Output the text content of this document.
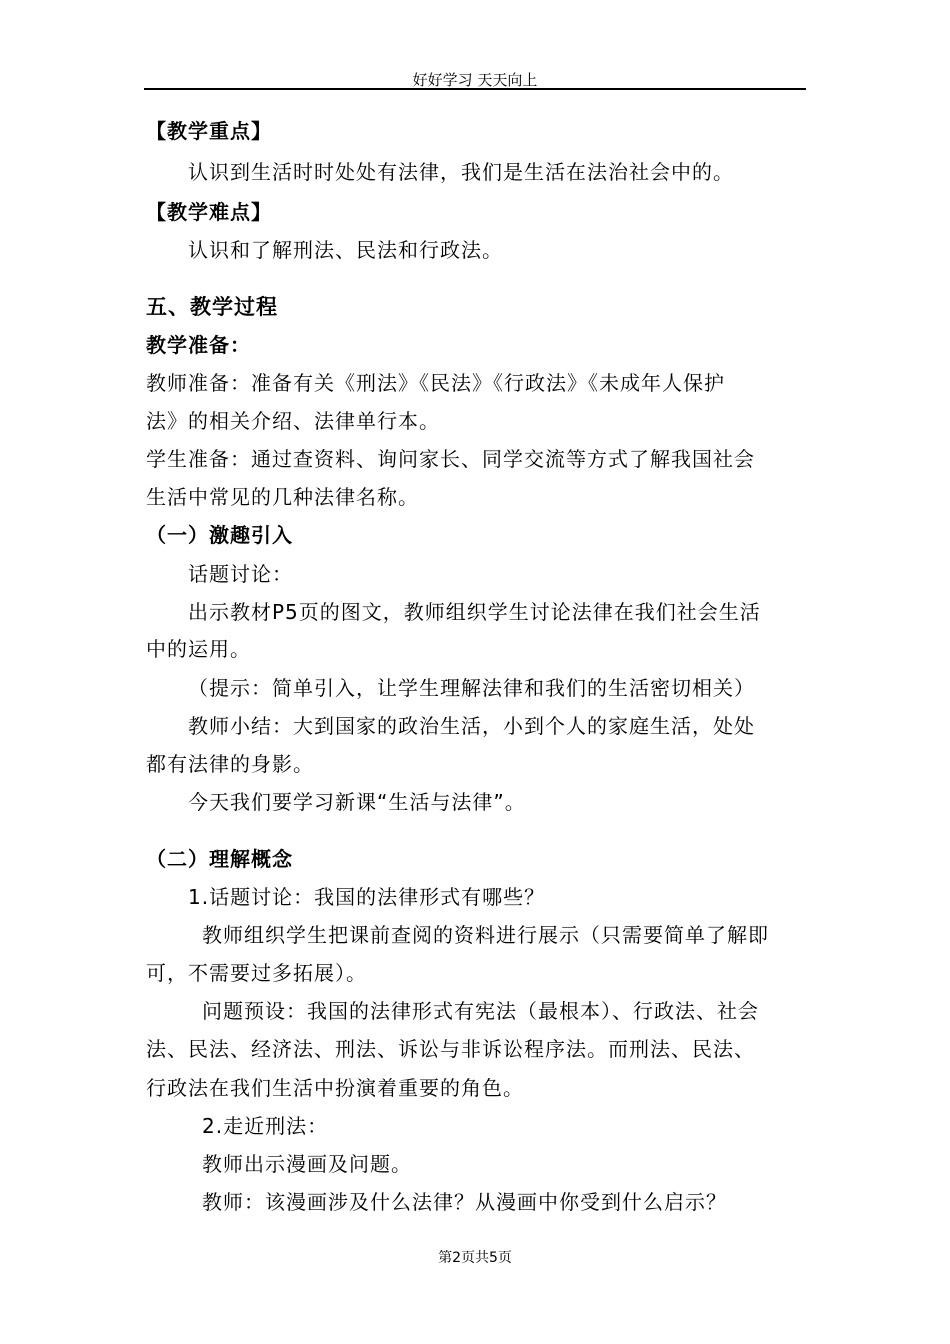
好好学习 天天向上
【教学重点】
认识到生活时时处处有法律，我们是生活在法治社会中的。
【教学难点】
认识和了解刑法、民法和行政法。
五、教学过程
教学准备：
教师准备：准备有关《刑法》《民法》《行政法》《未成年人保护
法》的相关介绍、法律单行本。
学生准备：通过查资料、询问家长、同学交流等方式了解我国社会
生活中常见的几种法律名称。
（一）激趣引入
话题讨论：
出示教材P5页的图文，教师组织学生讨论法律在我们社会生活
中的运用。
（提示：简单引入，让学生理解法律和我们的生活密切相关）
教师小结：大到国家的政治生活，小到个人的家庭生活，处处
都有法律的身影。
今天我们要学习新课“生活与法律”。
（二）理解概念
1.话题讨论：我国的法律形式有哪些？
教师组织学生把课前查阅的资料进行展示（只需要简单了解即
可，不需要过多拓展）。
问题预设：我国的法律形式有宪法（最根本）、行政法、社会
法、民法、经济法、刑法、诉讼与非诉讼程序法。而刑法、民法、
行政法在我们生活中扮演着重要的角色。
2.走近刑法：
教师出示漫画及问题。
教师：该漫画涉及什么法律？从漫画中你受到什么启示？
第2页共5页
